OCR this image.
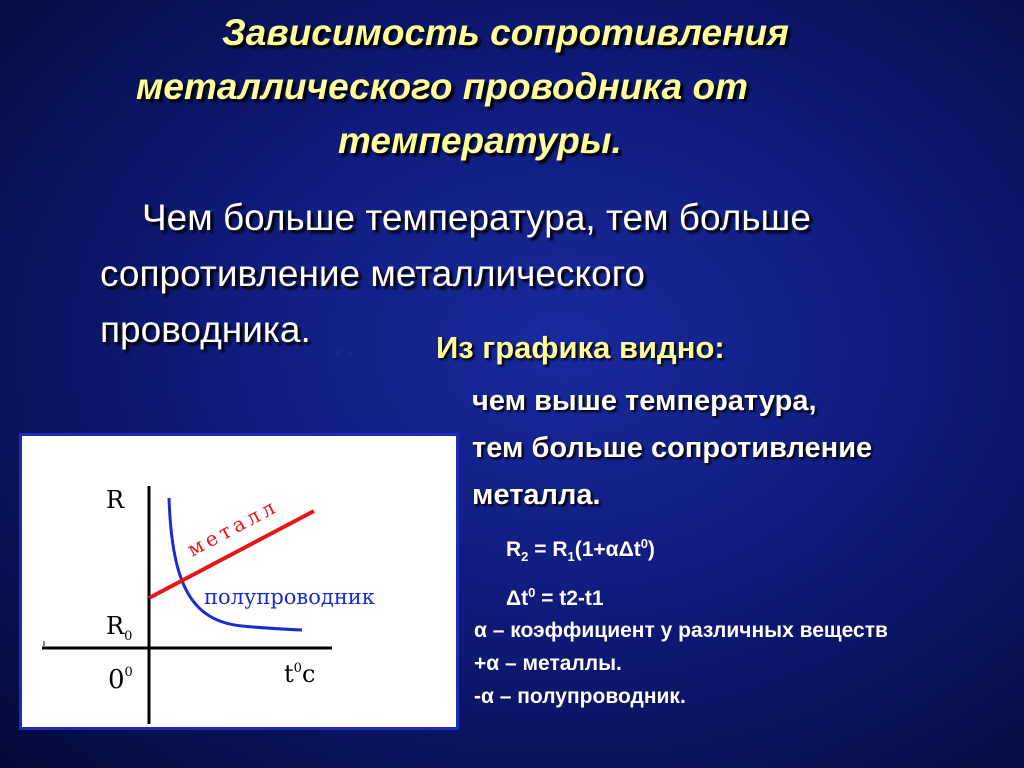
Зависимость сопротивления
металлического проводника от
температуры.
Чем больше температура, тем больше
сопротивление металлического
проводника.
t° -t	Из графика видно:
чем выше температура,
тем больше сопротивление
металла.
$R_2 = R_1(1+\alpha\Delta t^0)$
$\Delta t^0 = t2-t1$
α – коэффициент у различных веществ
+α – металлы.
-α – полупроводник.
R
$R_0$
$0^0$	$t^0c$
полупроводник
металл
